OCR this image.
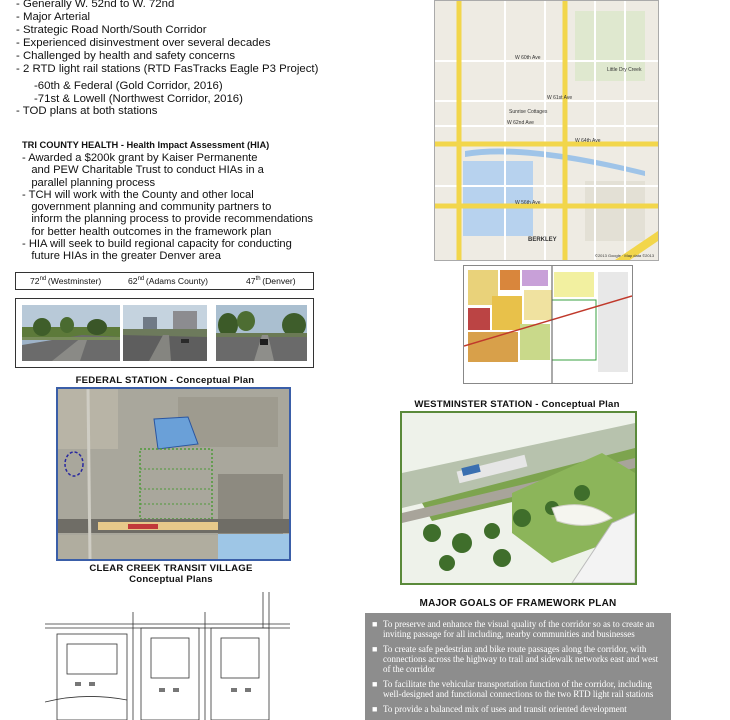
-60th & Federal (Gold Corridor, 2016)
-71st & Lowell (Northwest Corridor, 2016)
- TOD plans at both stations
TRI COUNTY HEALTH - Health Impact Assessment (HIA)
- Awarded a $200k grant by Kaiser Permanente
and PEW Charitable Trust to conduct HIAs in a
parallel planning process
- TCH will work with the County and other local
government planning and community partners to
inform the planning process to provide recommendations
for better health outcomes in the framework plan
- HIA will seek to build regional capacity for conducting
future HIAs in the greater Denver area
72nd (Westminster)	62nd (Adams County)	47th (Denver)
FEDERAL STATION - Conceptual Plan
CLEAR CREEK TRANSIT VILLAGE
Conceptual Plans
W 64th Ave
W 62nd Ave
W 61st Ave
W 60th Ave
W 56th Ave
BERKLEY
Sunrise Cottages
Little Dry Creek
©2013 Google · Map data ©2013
WESTMINSTER STATION - Conceptual Plan
MAJOR GOALS OF FRAMEWORK PLAN

■ To preserve and enhance the visual quality of the corridor so as to create an inviting passage for all including, nearby communities and businesses

■ To create safe pedestrian and bike route passages along the corridor, with connections across the highway to trail and sidewalk networks east and west of the corridor

■ To facilitate the vehicular transportation function of the corridor, including well-designed and functional connections to the two RTD light rail stations

■ To provide a balanced mix of uses and transit oriented development

- Generally W. 52nd to W. 72nd
- Major Arterial
- Strategic Road North/South Corridor
- Experienced disinvestment over several decades
- Challenged by health and safety concerns
- 2 RTD light rail stations (RTD FasTracks Eagle P3 Project)
